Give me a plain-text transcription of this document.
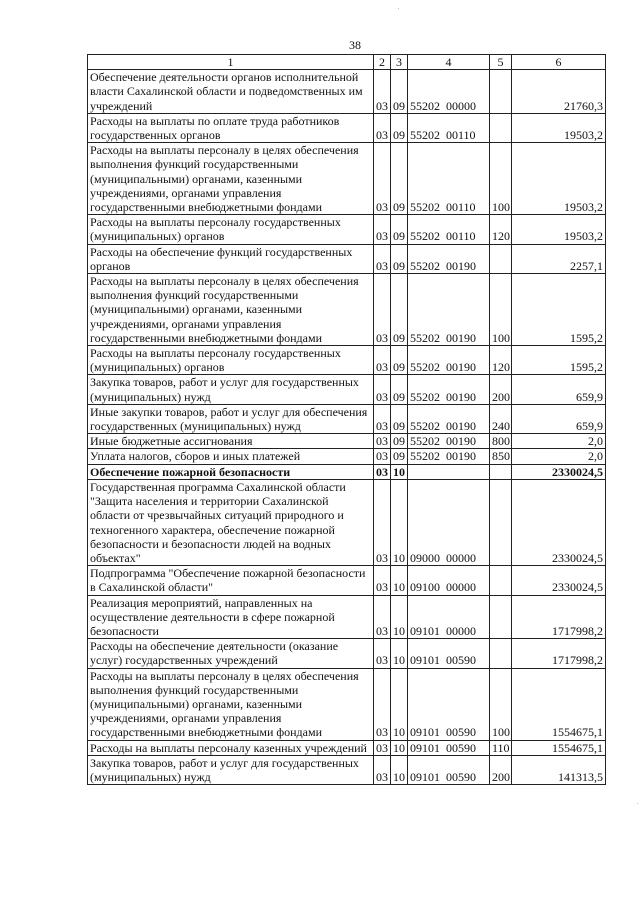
38
1	2	3	4	5	6
Обеспечение деятельности органов исполнительной власти Сахалинской области и подведомственных им учреждений	03	09	55202  00000		21760,3
Расходы на выплаты по оплате труда работников государственных органов	03	09	55202  00110		19503,2
Расходы на выплаты персоналу в целях обеспечения выполнения функций государственными (муниципальными) органами, казенными учреждениями, органами управления государственными внебюджетными фондами	03	09	55202  00110	100	19503,2
Расходы на выплаты персоналу государственных (муниципальных) органов	03	09	55202  00110	120	19503,2
Расходы на обеспечение функций государственных органов	03	09	55202  00190		2257,1
Расходы на выплаты персоналу в целях обеспечения выполнения функций государственными (муниципальными) органами, казенными учреждениями, органами управления государственными внебюджетными фондами	03	09	55202  00190	100	1595,2
Расходы на выплаты персоналу государственных (муниципальных) органов	03	09	55202  00190	120	1595,2
Закупка товаров, работ и услуг для государственных (муниципальных) нужд	03	09	55202  00190	200	659,9
Иные закупки товаров, работ и услуг для обеспечения государственных (муниципальных) нужд	03	09	55202  00190	240	659,9
Иные бюджетные ассигнования	03	09	55202  00190	800	2,0
Уплата налогов, сборов и иных платежей	03	09	55202  00190	850	2,0
Обеспечение пожарной безопасности	03	10			2330024,5
Государственная программа Сахалинской области "Защита населения и территории Сахалинской области от чрезвычайных ситуаций природного и техногенного характера, обеспечение пожарной безопасности и безопасности людей на водных объектах"	03	10	09000  00000		2330024,5
Подпрограмма "Обеспечение пожарной безопасности в Сахалинской области"	03	10	09100  00000		2330024,5
Реализация мероприятий, направленных на осуществление деятельности в сфере пожарной безопасности	03	10	09101  00000		1717998,2
Расходы на обеспечение деятельности (оказание услуг) государственных учреждений	03	10	09101  00590		1717998,2
Расходы на выплаты персоналу в целях обеспечения выполнения функций государственными (муниципальными) органами, казенными учреждениями, органами управления государственными внебюджетными фондами	03	10	09101  00590	100	1554675,1
Расходы на выплаты персоналу казенных учреждений	03	10	09101  00590	110	1554675,1
Закупка товаров, работ и услуг для государственных (муниципальных) нужд	03	10	09101  00590	200	141313,5
